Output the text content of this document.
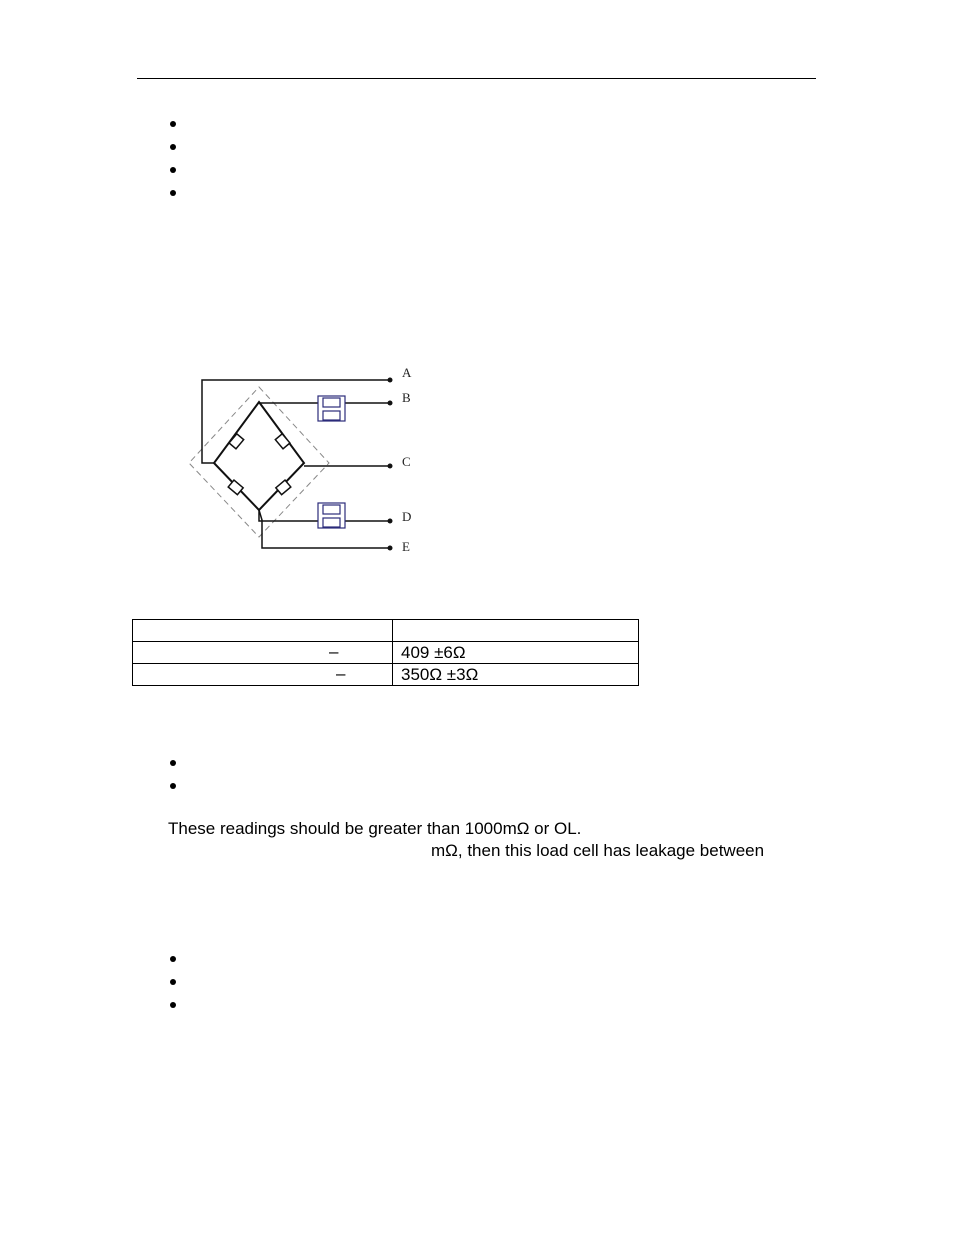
A
B
C
D
E

–	409 ±6Ω

–	350Ω ±3Ω
These readings should be greater than 1000mΩ or OL.
mΩ, then this load cell has leakage between
